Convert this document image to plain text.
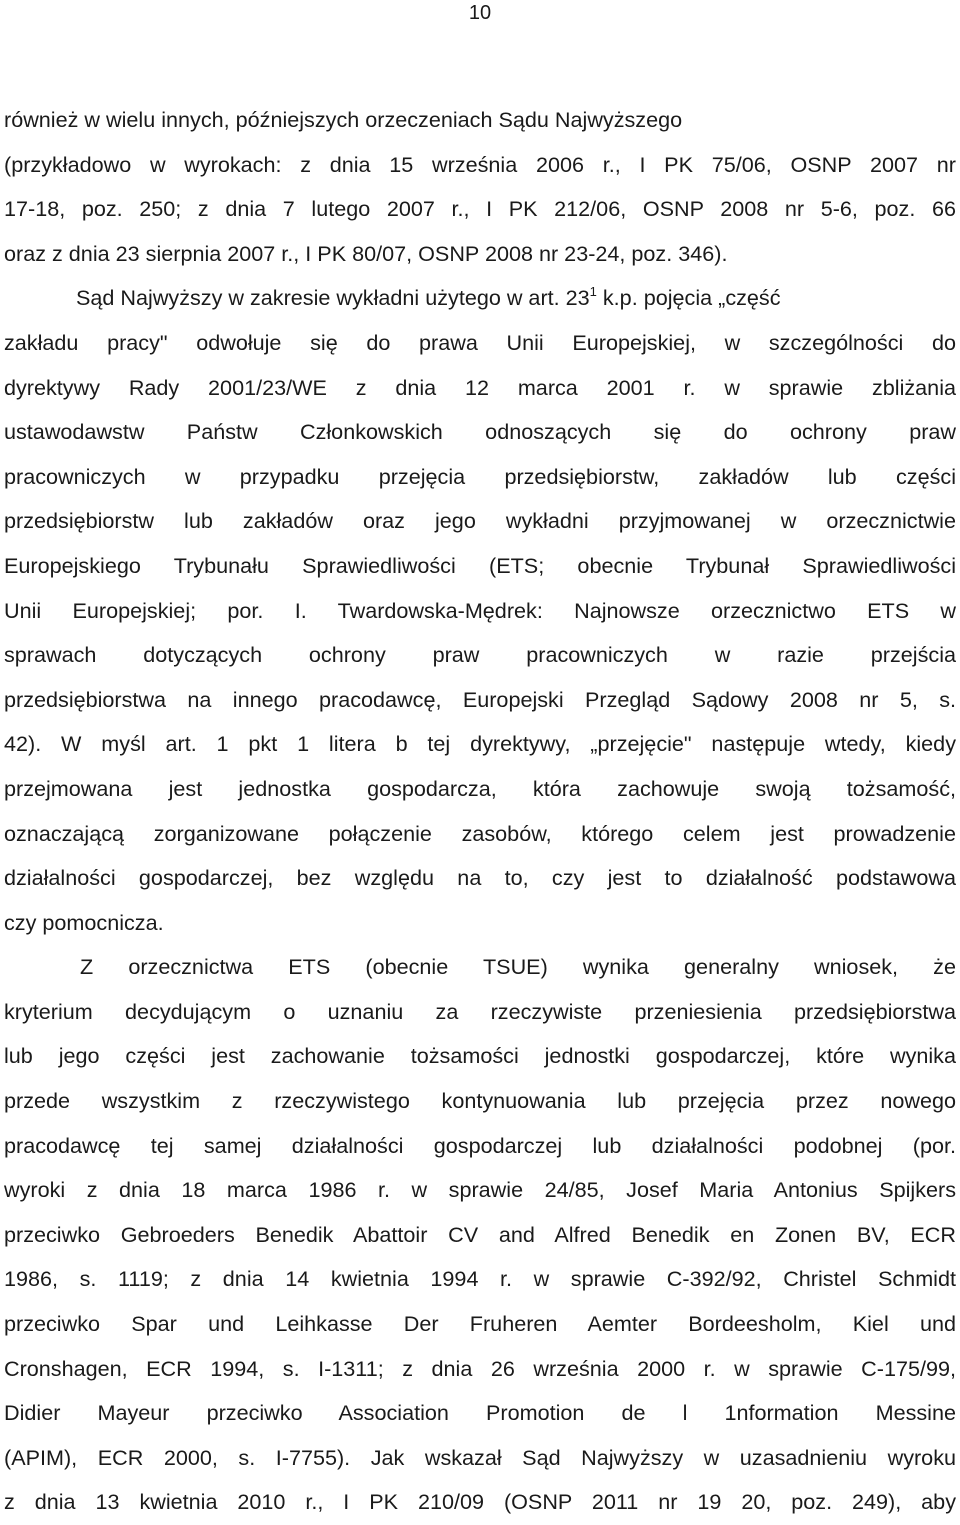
10
również w wielu innych, późniejszych orzeczeniach Sądu Najwyższego
(przykładowo w wyrokach: z dnia 15 września 2006 r., I PK 75/06, OSNP 2007 nr
17-18, poz. 250; z dnia 7 lutego 2007 r., I PK 212/06, OSNP 2008 nr 5-6, poz. 66
oraz z dnia 23 sierpnia 2007 r., I PK 80/07, OSNP 2008 nr 23-24, poz. 346).
Sąd Najwyższy w zakresie wykładni użytego w art. $23^1$ k.p. pojęcia „część
zakładu pracy" odwołuje się do prawa Unii Europejskiej, w szczególności do
dyrektywy Rady 2001/23/WE z dnia 12 marca 2001 r. w sprawie zbliżania
ustawodawstw Państw Członkowskich odnoszących się do ochrony praw
pracowniczych w przypadku przejęcia przedsiębiorstw, zakładów lub części
przedsiębiorstw lub zakładów oraz jego wykładni przyjmowanej w orzecznictwie
Europejskiego Trybunału Sprawiedliwości (ETS; obecnie Trybunał Sprawiedliwości
Unii Europejskiej; por. I. Twardowska-Mędrek: Najnowsze orzecznictwo ETS w
sprawach dotyczących ochrony praw pracowniczych w razie przejścia
przedsiębiorstwa na innego pracodawcę, Europejski Przegląd Sądowy 2008 nr 5, s.
42). W myśl art. 1 pkt 1 litera b tej dyrektywy, „przejęcie" następuje wtedy, kiedy
przejmowana jest jednostka gospodarcza, która zachowuje swoją tożsamość,
oznaczającą zorganizowane połączenie zasobów, którego celem jest prowadzenie
działalności gospodarczej, bez względu na to, czy jest to działalność podstawowa
czy pomocnicza.
Z orzecznictwa ETS (obecnie TSUE) wynika generalny wniosek, że
kryterium decydującym o uznaniu za rzeczywiste przeniesienia przedsiębiorstwa
lub jego części jest zachowanie tożsamości jednostki gospodarczej, które wynika
przede wszystkim z rzeczywistego kontynuowania lub przejęcia przez nowego
pracodawcę tej samej działalności gospodarczej lub działalności podobnej (por.
wyroki z dnia 18 marca 1986 r. w sprawie 24/85, Josef Maria Antonius Spijkers
przeciwko Gebroeders Benedik Abattoir CV and Alfred Benedik en Zonen BV, ECR
1986, s. 1119; z dnia 14 kwietnia 1994 r. w sprawie C-392/92, Christel Schmidt
przeciwko Spar und Leihkasse Der Fruheren Aemter Bordeesholm, Kiel und
Cronshagen, ECR 1994, s. I-1311; z dnia 26 września 2000 r. w sprawie C-175/99,
Didier Mayeur przeciwko Association Promotion de l 1nformation Messine
(APIM), ECR 2000, s. I-7755). Jak wskazał Sąd Najwyższy w uzasadnieniu wyroku
z dnia 13 kwietnia 2010 r., I PK 210/09 (OSNP 2011 nr 19 20, poz. 249), aby
